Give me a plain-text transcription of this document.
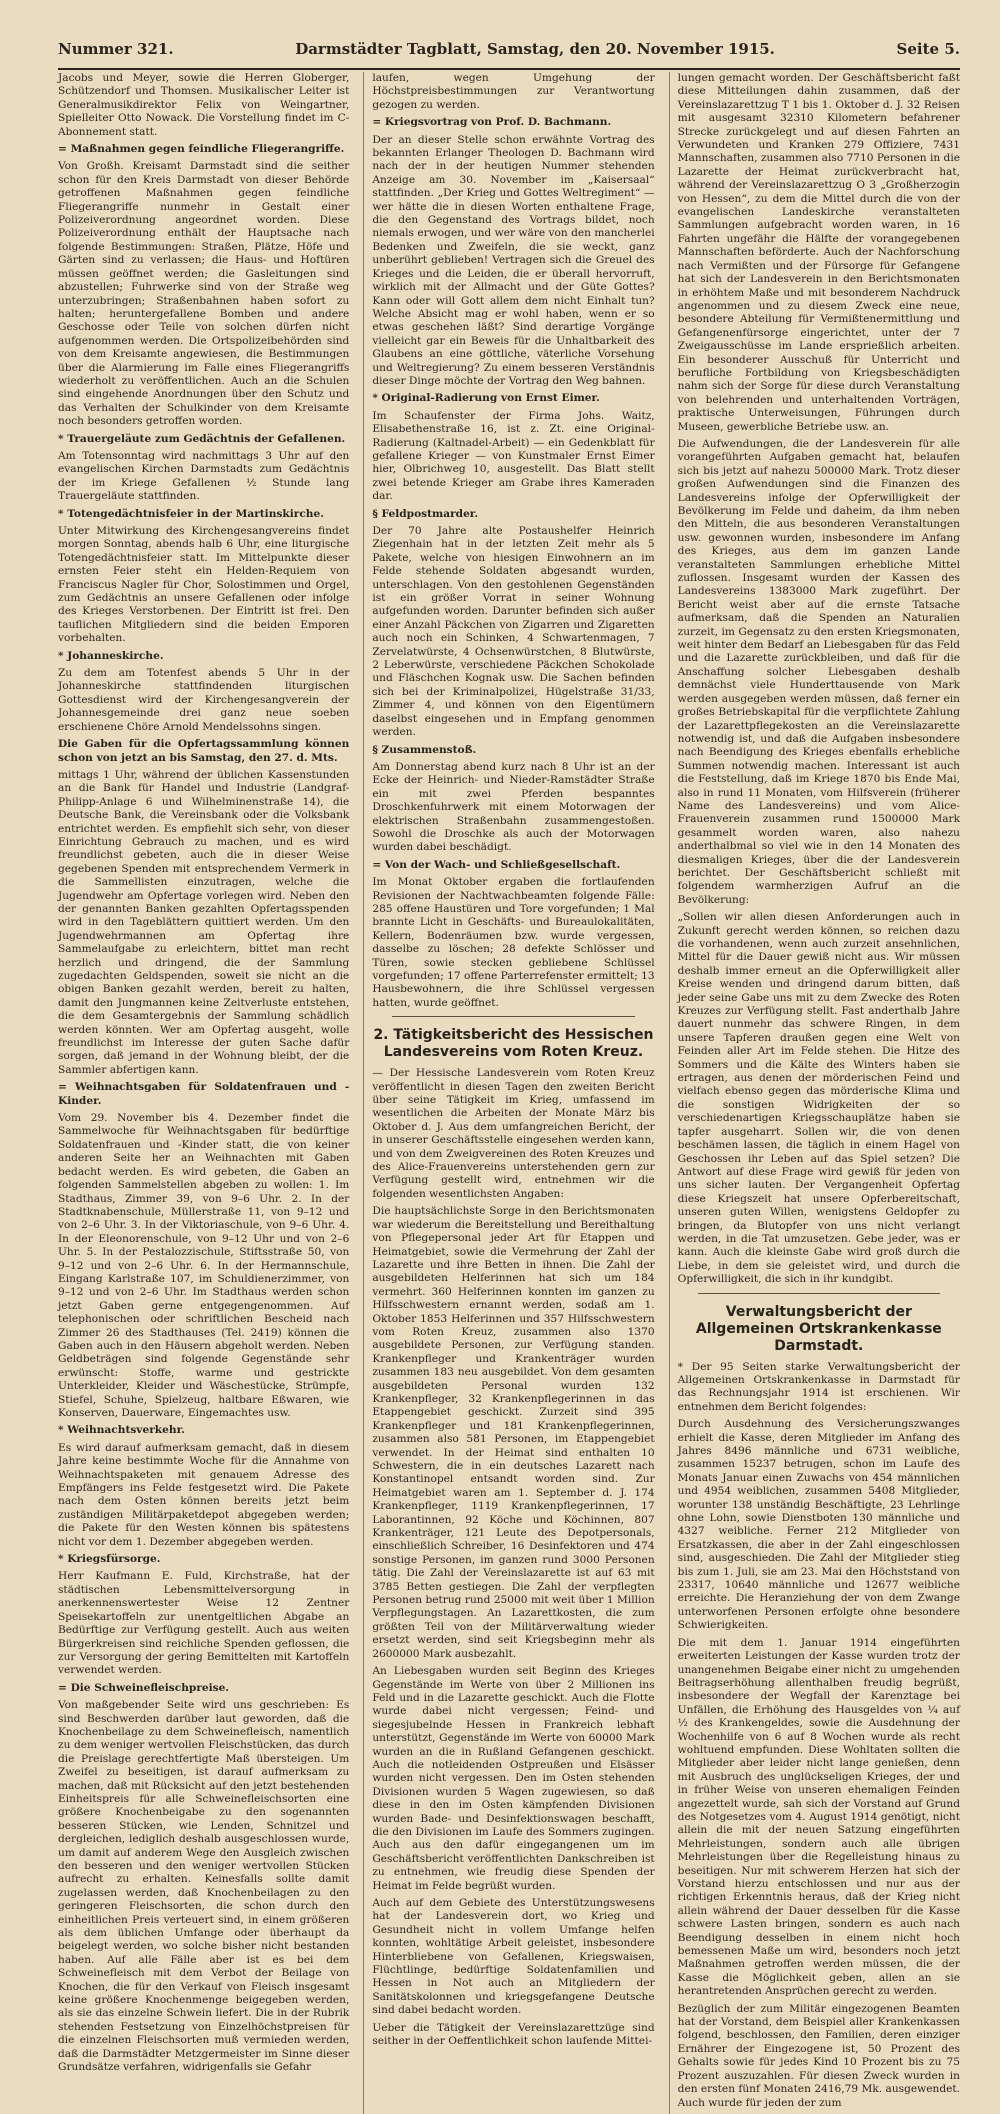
Nummer 321.	Darmstädter Tagblatt, Samstag, den 20. November 1915.	Seite 5.

Jacobs und Meyer, sowie die Herren Globerger, Schützendorf und Thomsen. Musikalischer Leiter ist Generalmusikdirektor Felix von Weingartner, Spielleiter Otto Nowack. Die Vorstellung findet im C-Abonnement statt.

= Maßnahmen gegen feindliche Fliegerangriffe.

Von Großh. Kreisamt Darmstadt sind die seither schon für den Kreis Darmstadt von dieser Behörde getroffenen Maßnahmen gegen feindliche Fliegerangriffe nunmehr in Gestalt einer Polizeiverordnung angeordnet worden. Diese Polizeiverordnung enthält der Hauptsache nach folgende Bestimmungen: Straßen, Plätze, Höfe und Gärten sind zu verlassen; die Haus- und Hoftüren müssen geöffnet werden; die Gasleitungen sind abzustellen; Fuhrwerke sind von der Straße weg unterzubringen; Straßenbahnen haben sofort zu halten; heruntergefallene Bomben und andere Geschosse oder Teile von solchen dürfen nicht aufgenommen werden. Die Ortspolizeibehörden sind von dem Kreisamte angewiesen, die Bestimmungen über die Alarmierung im Falle eines Fliegerangriffs wiederholt zu veröffentlichen. Auch an die Schulen sind eingehende Anordnungen über den Schutz und das Verhalten der Schulkinder von dem Kreisamte noch besonders getroffen worden.

* Trauergeläute zum Gedächtnis der Gefallenen.

Am Totensonntag wird nachmittags 3 Uhr auf den evangelischen Kirchen Darmstadts zum Gedächtnis der im Kriege Gefallenen ½ Stunde lang Trauergeläute stattfinden.

* Totengedächtnisfeier in der Martinskirche.

Unter Mitwirkung des Kirchengesangvereins findet morgen Sonntag, abends halb 6 Uhr, eine liturgische Totengedächtnisfeier statt. Im Mittelpunkte dieser ernsten Feier steht ein Helden-Requiem von Franciscus Nagler für Chor, Solostimmen und Orgel, zum Gedächtnis an unsere Gefallenen oder infolge des Krieges Verstorbenen. Der Eintritt ist frei. Den tauflichen Mitgliedern sind die beiden Emporen vorbehalten.

* Johanneskirche.

Zu dem am Totenfest abends 5 Uhr in der Johanneskirche stattfindenden liturgischen Gottesdienst wird der Kirchengesangverein der Johannesgemeinde drei ganz neue soeben erschienene Chöre Arnold Mendelssohns singen.

Die Gaben für die Opfertagssammlung können schon von jetzt an bis Samstag, den 27. d. Mts.

mittags 1 Uhr, während der üblichen Kassenstunden an die Bank für Handel und Industrie (Landgraf-Philipp-Anlage 6 und Wilhelminenstraße 14), die Deutsche Bank, die Vereinsbank oder die Volksbank entrichtet werden. Es empfiehlt sich sehr, von dieser Einrichtung Gebrauch zu machen, und es wird freundlichst gebeten, auch die in dieser Weise gegebenen Spenden mit entsprechendem Vermerk in die Sammellisten einzutragen, welche die Jugendwehr am Opfertage vorlegen wird. Neben den der genannten Banken gezahlten Opfertagsspenden wird in den Tageblättern quittiert werden. Um den Jugendwehrmannen am Opfertag ihre Sammelaufgabe zu erleichtern, bittet man recht herzlich und dringend, die der Sammlung zugedachten Geldspenden, soweit sie nicht an die obigen Banken gezahlt werden, bereit zu halten, damit den Jungmannen keine Zeitverluste entstehen, die dem Gesamtergebnis der Sammlung schädlich werden könnten. Wer am Opfertag ausgeht, wolle freundlichst im Interesse der guten Sache dafür sorgen, daß jemand in der Wohnung bleibt, der die Sammler abfertigen kann.

= Weihnachtsgaben für Soldatenfrauen und -Kinder.

Vom 29. November bis 4. Dezember findet die Sammelwoche für Weihnachtsgaben für bedürftige Soldatenfrauen und -Kinder statt, die von keiner anderen Seite her an Weihnachten mit Gaben bedacht werden. Es wird gebeten, die Gaben an folgenden Sammelstellen abgeben zu wollen: 1. Im Stadthaus, Zimmer 39, von 9–6 Uhr. 2. In der Stadtknabenschule, Müllerstraße 11, von 9–12 und von 2–6 Uhr. 3. In der Viktoriaschule, von 9–6 Uhr. 4. In der Eleonorenschule, von 9–12 Uhr und von 2–6 Uhr. 5. In der Pestalozzischule, Stiftsstraße 50, von 9–12 und von 2–6 Uhr. 6. In der Hermannschule, Eingang Karlstraße 107, im Schuldienerzimmer, von 9–12 und von 2–6 Uhr. Im Stadthaus werden schon jetzt Gaben gerne entgegengenommen. Auf telephonischen oder schriftlichen Bescheid nach Zimmer 26 des Stadthauses (Tel. 2419) können die Gaben auch in den Häusern abgeholt werden. Neben Geldbeträgen sind folgende Gegenstände sehr erwünscht: Stoffe, warme und gestrickte Unterkleider, Kleider und Wäschestücke, Strümpfe, Stiefel, Schuhe, Spielzeug, haltbare Eßwaren, wie Konserven, Dauerware, Eingemachtes usw.

* Weihnachtsverkehr.

Es wird darauf aufmerksam gemacht, daß in diesem Jahre keine bestimmte Woche für die Annahme von Weihnachtspaketen mit genauem Adresse des Empfängers ins Felde festgesetzt wird. Die Pakete nach dem Osten können bereits jetzt beim zuständigen Militärpaketdepot abgegeben werden; die Pakete für den Westen können bis spätestens nicht vor dem 1. Dezember abgegeben werden.

* Kriegsfürsorge.

Herr Kaufmann E. Fuld, Kirchstraße, hat der städtischen Lebensmittelversorgung in anerkennenswertester Weise 12 Zentner Speisekartoffeln zur unentgeltlichen Abgabe an Bedürftige zur Verfügung gestellt. Auch aus weiten Bürgerkreisen sind reichliche Spenden geflossen, die zur Versorgung der gering Bemittelten mit Kartoffeln verwendet werden.

= Die Schweinefleischpreise.

Von maßgebender Seite wird uns geschrieben: Es sind Beschwerden darüber laut geworden, daß die Knochenbeilage zu dem Schweinefleisch, namentlich zu dem weniger wertvollen Fleischstücken, das durch die Preislage gerechtfertigte Maß übersteigen. Um Zweifel zu beseitigen, ist darauf aufmerksam zu machen, daß mit Rücksicht auf den jetzt bestehenden Einheitspreis für alle Schweinefleischsorten eine größere Knochenbeigabe zu den sogenannten besseren Stücken, wie Lenden, Schnitzel und dergleichen, lediglich deshalb ausgeschlossen wurde, um damit auf anderem Wege den Ausgleich zwischen den besseren und den weniger wertvollen Stücken aufrecht zu erhalten. Keinesfalls sollte damit zugelassen werden, daß Knochenbeilagen zu den geringeren Fleischsorten, die schon durch den einheitlichen Preis verteuert sind, in einem größeren als dem üblichen Umfange oder überhaupt da beigelegt werden, wo solche bisher nicht bestanden haben. Auf alle Fälle aber ist es bei dem Schweinefleisch mit dem Verbot der Beilage von Knochen, die für den Verkauf von Fleisch insgesamt keine größere Knochenmenge beigegeben werden, als sie das einzelne Schwein liefert. Die in der Rubrik stehenden Festsetzung von Einzelhöchstpreisen für die einzelnen Fleischsorten muß vermieden werden, daß die Darmstädter Metzgermeister im Sinne dieser Grundsätze verfahren, widrigenfalls sie Gefahr

laufen, wegen Umgehung der Höchstpreisbestimmungen zur Verantwortung gezogen zu werden.

= Kriegsvortrag von Prof. D. Bachmann.

Der an dieser Stelle schon erwähnte Vortrag des bekannten Erlanger Theologen D. Bachmann wird nach der in der heutigen Nummer stehenden Anzeige am 30. November im „Kaisersaal“ stattfinden. „Der Krieg und Gottes Weltregiment“ — wer hätte die in diesen Worten enthaltene Frage, die den Gegenstand des Vortrags bildet, noch niemals erwogen, und wer wäre von den mancherlei Bedenken und Zweifeln, die sie weckt, ganz unberührt geblieben! Vertragen sich die Greuel des Krieges und die Leiden, die er überall hervorruft, wirklich mit der Allmacht und der Güte Gottes? Kann oder will Gott allem dem nicht Einhalt tun? Welche Absicht mag er wohl haben, wenn er so etwas geschehen läßt? Sind derartige Vorgänge vielleicht gar ein Beweis für die Unhaltbarkeit des Glaubens an eine göttliche, väterliche Vorsehung und Weltregierung? Zu einem besseren Verständnis dieser Dinge möchte der Vortrag den Weg bahnen.

* Original-Radierung von Ernst Eimer.

Im Schaufenster der Firma Johs. Waitz, Elisabethenstraße 16, ist z. Zt. eine Original-Radierung (Kaltnadel-Arbeit) — ein Gedenkblatt für gefallene Krieger — von Kunstmaler Ernst Eimer hier, Olbrichweg 10, ausgestellt. Das Blatt stellt zwei betende Krieger am Grabe ihres Kameraden dar.

§ Feldpostmarder.

Der 70 Jahre alte Postaushelfer Heinrich Ziegenhain hat in der letzten Zeit mehr als 5 Pakete, welche von hiesigen Einwohnern an im Felde stehende Soldaten abgesandt wurden, unterschlagen. Von den gestohlenen Gegenständen ist ein größer Vorrat in seiner Wohnung aufgefunden worden. Darunter befinden sich außer einer Anzahl Päckchen von Zigarren und Zigaretten auch noch ein Schinken, 4 Schwartenmagen, 7 Zervelatwürste, 4 Ochsenwürstchen, 8 Blutwürste, 2 Leberwürste, verschiedene Päckchen Schokolade und Fläschchen Kognak usw. Die Sachen befinden sich bei der Kriminalpolizei, Hügelstraße 31/33, Zimmer 4, und können von den Eigentümern daselbst eingesehen und in Empfang genommen werden.

§ Zusammenstoß.

Am Donnerstag abend kurz nach 8 Uhr ist an der Ecke der Heinrich- und Nieder-Ramstädter Straße ein mit zwei Pferden bespanntes Droschkenfuhrwerk mit einem Motorwagen der elektrischen Straßenbahn zusammengestoßen. Sowohl die Droschke als auch der Motorwagen wurden dabei beschädigt.

= Von der Wach- und Schließgesellschaft.

Im Monat Oktober ergaben die fortlaufenden Revisionen der Nachtwachbeamten folgende Fälle: 285 offene Haustüren und Tore vorgefunden; 1 Mal brannte Licht in Geschäfts- und Bureaulokalitäten, Kellern, Bodenräumen bzw. wurde vergessen, dasselbe zu löschen; 28 defekte Schlösser und Türen, sowie stecken gebliebene Schlüssel vorgefunden; 17 offene Parterrefenster ermittelt; 13 Hausbewohnern, die ihre Schlüssel vergessen hatten, wurde geöffnet.

2. Tätigkeitsbericht des Hessischen Landesvereins vom Roten Kreuz.

— Der Hessische Landesverein vom Roten Kreuz veröffentlicht in diesen Tagen den zweiten Bericht über seine Tätigkeit im Krieg, umfassend im wesentlichen die Arbeiten der Monate März bis Oktober d. J. Aus dem umfangreichen Bericht, der in unserer Geschäftsstelle eingesehen werden kann, und von dem Zweigvereinen des Roten Kreuzes und des Alice-Frauenvereins unterstehenden gern zur Verfügung gestellt wird, entnehmen wir die folgenden wesentlichsten Angaben:

Die hauptsächlichste Sorge in den Berichtsmonaten war wiederum die Bereitstellung und Bereithaltung von Pflegepersonal jeder Art für Etappen und Heimatgebiet, sowie die Vermehrung der Zahl der Lazarette und ihre Betten in ihnen. Die Zahl der ausgebildeten Helferinnen hat sich um 184 vermehrt. 360 Helferinnen konnten im ganzen zu Hilfsschwestern ernannt werden, sodaß am 1. Oktober 1853 Helferinnen und 357 Hilfsschwestern vom Roten Kreuz, zusammen also 1370 ausgebildete Personen, zur Verfügung standen. Krankenpfleger und Krankenträger wurden zusammen 183 neu ausgebildet. Von dem gesamten ausgebildeten Personal wurden 132 Krankenpfleger, 32 Krankenpflegerinnen in das Etappengebiet geschickt. Zurzeit sind 395 Krankenpfleger und 181 Krankenpflegerinnen, zusammen also 581 Personen, im Etappengebiet verwendet. In der Heimat sind enthalten 10 Schwestern, die in ein deutsches Lazarett nach Konstantinopel entsandt worden sind. Zur Heimatgebiet waren am 1. September d. J. 174 Krankenpfleger, 1119 Krankenpflegerinnen, 17 Laborantinnen, 92 Köche und Köchinnen, 807 Krankenträger, 121 Leute des Depotpersonals, einschließlich Schreiber, 16 Desinfektoren und 474 sonstige Personen, im ganzen rund 3000 Personen tätig. Die Zahl der Vereinslazarette ist auf 63 mit 3785 Betten gestiegen. Die Zahl der verpflegten Personen betrug rund 25000 mit weit über 1 Million Verpflegungstagen. An Lazarettkosten, die zum größten Teil von der Militärverwaltung wieder ersetzt werden, sind seit Kriegsbeginn mehr als 2600000 Mark ausbezahlt.

An Liebesgaben wurden seit Beginn des Krieges Gegenstände im Werte von über 2 Millionen ins Feld und in die Lazarette geschickt. Auch die Flotte wurde dabei nicht vergessen; Feind- und siegesjubelnde Hessen in Frankreich lebhaft unterstützt, Gegenstände im Werte von 60000 Mark wurden an die in Rußland Gefangenen geschickt. Auch die notleidenden Ostpreußen und Elsässer wurden nicht vergessen. Den im Osten stehenden Divisionen wurden 5 Wagen zugewiesen, so daß diese in den im Osten kämpfenden Divisionen wurden Bade- und Desinfektionswagen beschafft, die den Divisionen im Laufe des Sommers zugingen. Auch aus den dafür eingegangenen um im Geschäftsbericht veröffentlichten Dankschreiben ist zu entnehmen, wie freudig diese Spenden der Heimat im Felde begrüßt wurden.

Auch auf dem Gebiete des Unterstützungswesens hat der Landesverein dort, wo Krieg und Gesundheit nicht in vollem Umfange helfen konnten, wohltätige Arbeit geleistet, insbesondere Hinterbliebene von Gefallenen, Kriegswaisen, Flüchtlinge, bedürftige Soldatenfamilien und Hessen in Not auch an Mitgliedern der Sanitätskolonnen und kriegsgefangene Deutsche sind dabei bedacht worden.

Ueber die Tätigkeit der Vereinslazarettzüge sind seither in der Oeffentlichkeit schon laufende Mittei-

lungen gemacht worden. Der Geschäftsbericht faßt diese Mitteilungen dahin zusammen, daß der Vereinslazarettzug T 1 bis 1. Oktober d. J. 32 Reisen mit ausgesamt 32310 Kilometern befahrener Strecke zurückgelegt und auf diesen Fahrten an Verwundeten und Kranken 279 Offiziere, 7431 Mannschaften, zusammen also 7710 Personen in die Lazarette der Heimat zurückverbracht hat, während der Vereinslazarettzug O 3 „Großherzogin von Hessen“, zu dem die Mittel durch die von der evangelischen Landeskirche veranstalteten Sammlungen aufgebracht worden waren, in 16 Fahrten ungefähr die Hälfte der vorangegebenen Mannschaften beförderte. Auch der Nachforschung nach Vermißten und der Fürsorge für Gefangene hat sich der Landesverein in den Berichtsmonaten in erhöhtem Maße und mit besonderem Nachdruck angenommen und zu diesem Zweck eine neue, besondere Abteilung für Vermißtenermittlung und Gefangenenfürsorge eingerichtet, unter der 7 Zweigausschüsse im Lande ersprießlich arbeiten. Ein besonderer Ausschuß für Unterricht und berufliche Fortbildung von Kriegsbeschädigten nahm sich der Sorge für diese durch Veranstaltung von belehrenden und unterhaltenden Vorträgen, praktische Unterweisungen, Führungen durch Museen, gewerbliche Betriebe usw. an.

Die Aufwendungen, die der Landesverein für alle vorangeführten Aufgaben gemacht hat, belaufen sich bis jetzt auf nahezu 500000 Mark. Trotz dieser großen Aufwendungen sind die Finanzen des Landesvereins infolge der Opferwilligkeit der Bevölkerung im Felde und daheim, da ihm neben den Mitteln, die aus besonderen Veranstaltungen usw. gewonnen wurden, insbesondere im Anfang des Krieges, aus dem im ganzen Lande veranstalteten Sammlungen erhebliche Mittel zuflossen. Insgesamt wurden der Kassen des Landesvereins 1383000 Mark zugeführt. Der Bericht weist aber auf die ernste Tatsache aufmerksam, daß die Spenden an Naturalien zurzeit, im Gegensatz zu den ersten Kriegsmonaten, weit hinter dem Bedarf an Liebesgaben für das Feld und die Lazarette zurückbleiben, und daß für die Anschaffung solcher Liebesgaben deshalb demnächst viele Hunderttausende von Mark werden ausgegeben werden müssen, daß ferner ein großes Betriebskapital für die verpflichtete Zahlung der Lazarettpflegekosten an die Vereinslazarette notwendig ist, und daß die Aufgaben insbesondere nach Beendigung des Krieges ebenfalls erhebliche Summen notwendig machen. Interessant ist auch die Feststellung, daß im Kriege 1870 bis Ende Mai, also in rund 11 Monaten, vom Hilfsverein (früherer Name des Landesvereins) und vom Alice-Frauenverein zusammen rund 1500000 Mark gesammelt worden waren, also nahezu anderthalbmal so viel wie in den 14 Monaten des diesmaligen Krieges, über die der Landesverein berichtet. Der Geschäftsbericht schließt mit folgendem warmherzigen Aufruf an die Bevölkerung:

„Sollen wir allen diesen Anforderungen auch in Zukunft gerecht werden können, so reichen dazu die vorhandenen, wenn auch zurzeit ansehnlichen, Mittel für die Dauer gewiß nicht aus. Wir müssen deshalb immer erneut an die Opferwilligkeit aller Kreise wenden und dringend darum bitten, daß jeder seine Gabe uns mit zu dem Zwecke des Roten Kreuzes zur Verfügung stellt. Fast anderthalb Jahre dauert nunmehr das schwere Ringen, in dem unsere Tapferen draußen gegen eine Welt von Feinden aller Art im Felde stehen. Die Hitze des Sommers und die Kälte des Winters haben sie ertragen, aus denen der mörderischen Feind und vielfach ebenso gegen das mörderische Klima und die sonstigen Widrigkeiten der so verschiedenartigen Kriegsschauplätze haben sie tapfer ausgeharrt. Sollen wir, die von denen beschämen lassen, die täglich in einem Hagel von Geschossen ihr Leben auf das Spiel setzen? Die Antwort auf diese Frage wird gewiß für jeden von uns sicher lauten. Der Vergangenheit Opfertag diese Kriegszeit hat unsere Opferbereitschaft, unseren guten Willen, wenigstens Geldopfer zu bringen, da Blutopfer von uns nicht verlangt werden, in die Tat umzusetzen. Gebe jeder, was er kann. Auch die kleinste Gabe wird groß durch die Liebe, in dem sie geleistet wird, und durch die Opferwilligkeit, die sich in ihr kundgibt.

Verwaltungsbericht der Allgemeinen Ortskrankenkasse Darmstadt.

* Der 95 Seiten starke Verwaltungsbericht der Allgemeinen Ortskrankenkasse in Darmstadt für das Rechnungsjahr 1914 ist erschienen. Wir entnehmen dem Bericht folgendes:

Durch Ausdehnung des Versicherungszwanges erhielt die Kasse, deren Mitglieder im Anfang des Jahres 8496 männliche und 6731 weibliche, zusammen 15237 betrugen, schon im Laufe des Monats Januar einen Zuwachs von 454 männlichen und 4954 weiblichen, zusammen 5408 Mitglieder, worunter 138 unständig Beschäftigte, 23 Lehrlinge ohne Lohn, sowie Dienstboten 130 männliche und 4327 weibliche. Ferner 212 Mitglieder von Ersatzkassen, die aber in der Zahl eingeschlossen sind, ausgeschieden. Die Zahl der Mitglieder stieg bis zum 1. Juli, sie am 23. Mai den Höchststand von 23317, 10640 männliche und 12677 weibliche erreichte. Die Heranziehung der von dem Zwange unterworfenen Personen erfolgte ohne besondere Schwierigkeiten.

Die mit dem 1. Januar 1914 eingeführten erweiterten Leistungen der Kasse wurden trotz der unangenehmen Beigabe einer nicht zu umgehenden Beitragserhöhung allenthalben freudig begrüßt, insbesondere der Wegfall der Karenztage bei Unfällen, die Erhöhung des Hausgeldes von ¼ auf ½ des Krankengeldes, sowie die Ausdehnung der Wochenhilfe von 6 auf 8 Wochen wurde als recht wohltuend empfunden. Diese Wohltaten sollten die Mitglieder aber leider nicht lange genießen, denn mit Ausbruch des unglückseligen Krieges, der und in früher Weise von unseren ehemaligen Feinden angezettelt wurde, sah sich der Vorstand auf Grund des Notgesetzes vom 4. August 1914 genötigt, nicht allein die mit der neuen Satzung eingeführten Mehrleistungen, sondern auch alle übrigen Mehrleistungen über die Regelleistung hinaus zu beseitigen. Nur mit schwerem Herzen hat sich der Vorstand hierzu entschlossen und nur aus der richtigen Erkenntnis heraus, daß der Krieg nicht allein während der Dauer desselben für die Kasse schwere Lasten bringen, sondern es auch nach Beendigung desselben in einem nicht hoch bemessenen Maße um wird, besonders noch jetzt Maßnahmen getroffen werden müssen, die der Kasse die Möglichkeit geben, allen an sie herantretenden Ansprüchen gerecht zu werden.

Bezüglich der zum Militär eingezogenen Beamten hat der Vorstand, dem Beispiel aller Krankenkassen folgend, beschlossen, den Familien, deren einziger Ernährer der Eingezogene ist, 50 Prozent des Gehalts sowie für jedes Kind 10 Prozent bis zu 75 Prozent auszuzahlen. Für diesen Zweck wurden in den ersten fünf Monaten 2416,79 Mk. ausgewendet. Auch wurde für jeden der zum
